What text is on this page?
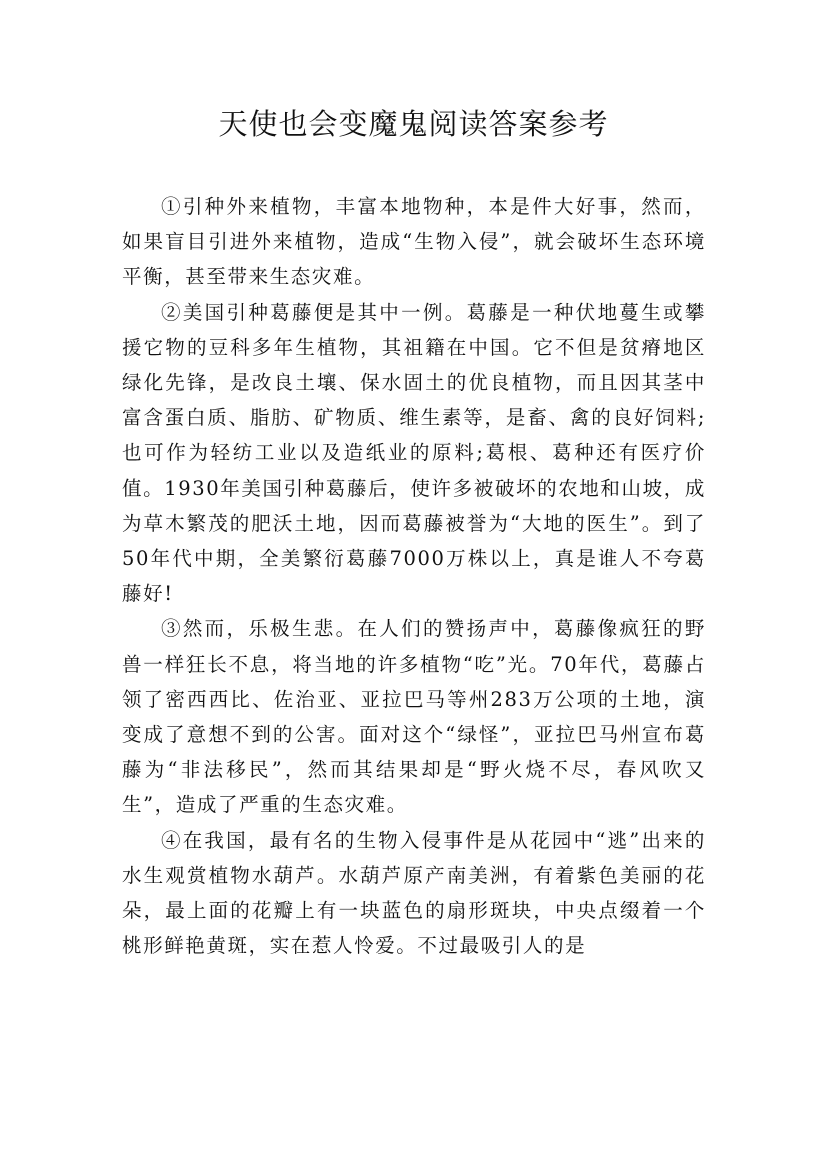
天使也会变魔鬼阅读答案参考

①引种外来植物，丰富本地物种，本是件大好事，然而，如果盲目引进外来植物，造成“生物入侵”，就会破坏生态环境平衡，甚至带来生态灾难。

②美国引种葛藤便是其中一例。葛藤是一种伏地蔓生或攀援它物的豆科多年生植物，其祖籍在中国。它不但是贫瘠地区绿化先锋，是改良土壤、保水固土的优良植物，而且因其茎中富含蛋白质、脂肪、矿物质、维生素等，是畜、禽的良好饲料;也可作为轻纺工业以及造纸业的原料;葛根、葛种还有医疗价值。1930年美国引种葛藤后，使许多被破坏的农地和山坡，成为草木繁茂的肥沃土地，因而葛藤被誉为“大地的医生”。到了50年代中期，全美繁衍葛藤7000万株以上，真是谁人不夸葛藤好!

③然而，乐极生悲。在人们的赞扬声中，葛藤像疯狂的野兽一样狂长不息，将当地的许多植物“吃”光。70年代，葛藤占领了密西西比、佐治亚、亚拉巴马等州283万公项的土地，演变成了意想不到的公害。面对这个“绿怪”，亚拉巴马州宣布葛藤为“非法移民”，然而其结果却是“野火烧不尽，春风吹又生”，造成了严重的生态灾难。

④在我国，最有名的生物入侵事件是从花园中“逃”出来的水生观赏植物水葫芦。水葫芦原产南美洲，有着紫色美丽的花朵，最上面的花瓣上有一块蓝色的扇形斑块，中央点缀着一个桃形鲜艳黄斑，实在惹人怜爱。不过最吸引人的是
